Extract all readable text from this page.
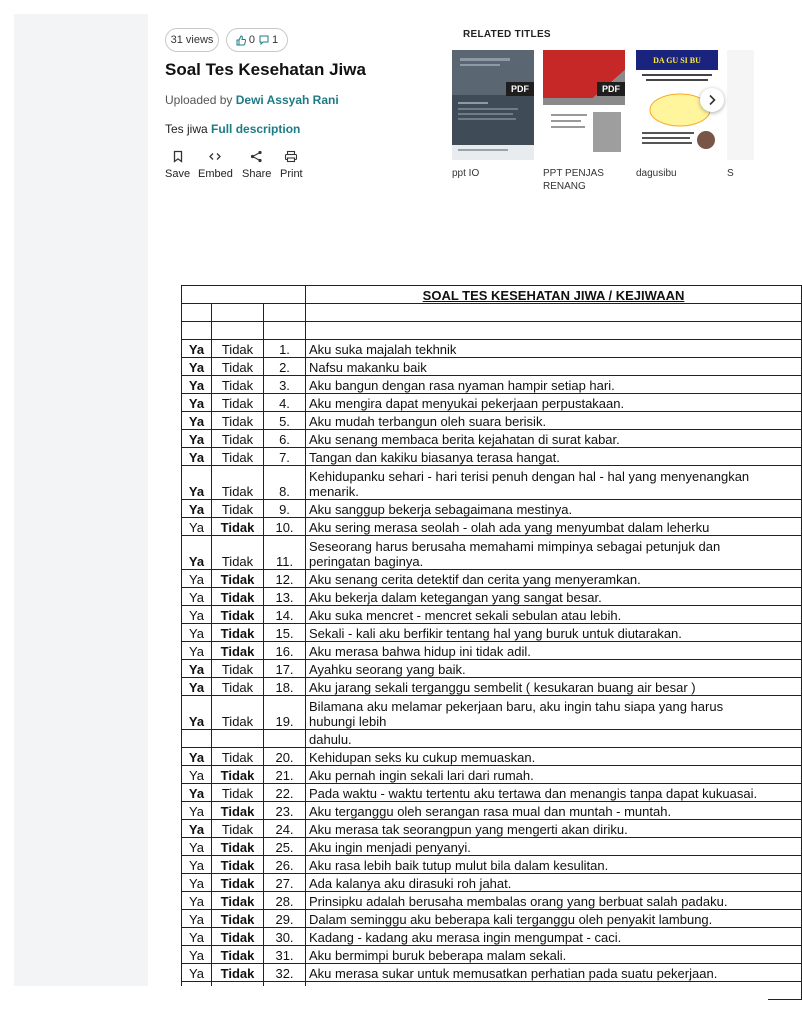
31 views	0 1
Soal Tes Kesehatan Jiwa
Uploaded by Dewi Assyah Rani
Tes jiwa Full description
Save Embed Share Print
RELATED TITLES
PDF	PDF
DA GU SI BU
ppt IO	PPT PENJAS RENANG
dagusibu	S
			SOAL TES KESEHATAN JIWA / KEJIWAAN

Ya	Tidak	1.	Aku suka majalah tekhnik
Ya	Tidak	2.	Nafsu makanku baik
Ya	Tidak	3.	Aku bangun dengan rasa nyaman hampir setiap hari.
Ya	Tidak	4.	Aku mengira dapat menyukai pekerjaan perpustakaan.
Ya	Tidak	5.	Aku mudah terbangun oleh suara berisik.
Ya	Tidak	6.	Aku senang membaca berita kejahatan di surat kabar.
Ya	Tidak	7.	Tangan dan kakiku biasanya terasa hangat.
Ya	Tidak	8.	Kehidupanku sehari - hari terisi penuh dengan hal - hal yang menyenangkan
menarik.
Ya	Tidak	9.	Aku sanggup bekerja sebagaimana mestinya.
Ya	Tidak	10.	Aku sering merasa seolah - olah ada yang menyumbat dalam leherku
Ya	Tidak	11.	Seseorang harus berusaha memahami mimpinya sebagai petunjuk dan
peringatan baginya.
Ya	Tidak	12.	Aku senang cerita detektif dan cerita yang menyeramkan.
Ya	Tidak	13.	Aku bekerja dalam ketegangan yang sangat besar.
Ya	Tidak	14.	Aku suka mencret - mencret sekali sebulan atau lebih.
Ya	Tidak	15.	Sekali - kali aku berfikir tentang hal yang buruk untuk diutarakan.
Ya	Tidak	16.	Aku merasa bahwa hidup ini tidak adil.
Ya	Tidak	17.	Ayahku seorang yang baik.
Ya	Tidak	18.	Aku jarang sekali terganggu sembelit ( kesukaran buang air besar )
Ya	Tidak	19.	Bilamana aku melamar pekerjaan baru, aku ingin tahu siapa yang harus
hubungi lebih
			dahulu.
Ya	Tidak	20.	Kehidupan seks ku cukup memuaskan.
Ya	Tidak	21.	Aku pernah ingin sekali lari dari rumah.
Ya	Tidak	22.	Pada waktu - waktu tertentu aku tertawa dan menangis tanpa dapat kukuasai.
Ya	Tidak	23.	Aku terganggu oleh serangan rasa mual dan muntah - muntah.
Ya	Tidak	24.	Aku merasa tak seorangpun yang mengerti akan diriku.
Ya	Tidak	25.	Aku ingin menjadi penyanyi.
Ya	Tidak	26.	Aku rasa lebih baik tutup mulut bila dalam kesulitan.
Ya	Tidak	27.	Ada kalanya aku dirasuki roh jahat.
Ya	Tidak	28.	Prinsipku adalah berusaha membalas orang yang berbuat salah padaku.
Ya	Tidak	29.	Dalam seminggu aku beberapa kali terganggu oleh penyakit lambung.
Ya	Tidak	30.	Kadang - kadang aku merasa ingin mengumpat - caci.
Ya	Tidak	31.	Aku bermimpi buruk beberapa malam sekali.
Ya	Tidak	32.	Aku merasa sukar untuk memusatkan perhatian pada suatu pekerjaan.
